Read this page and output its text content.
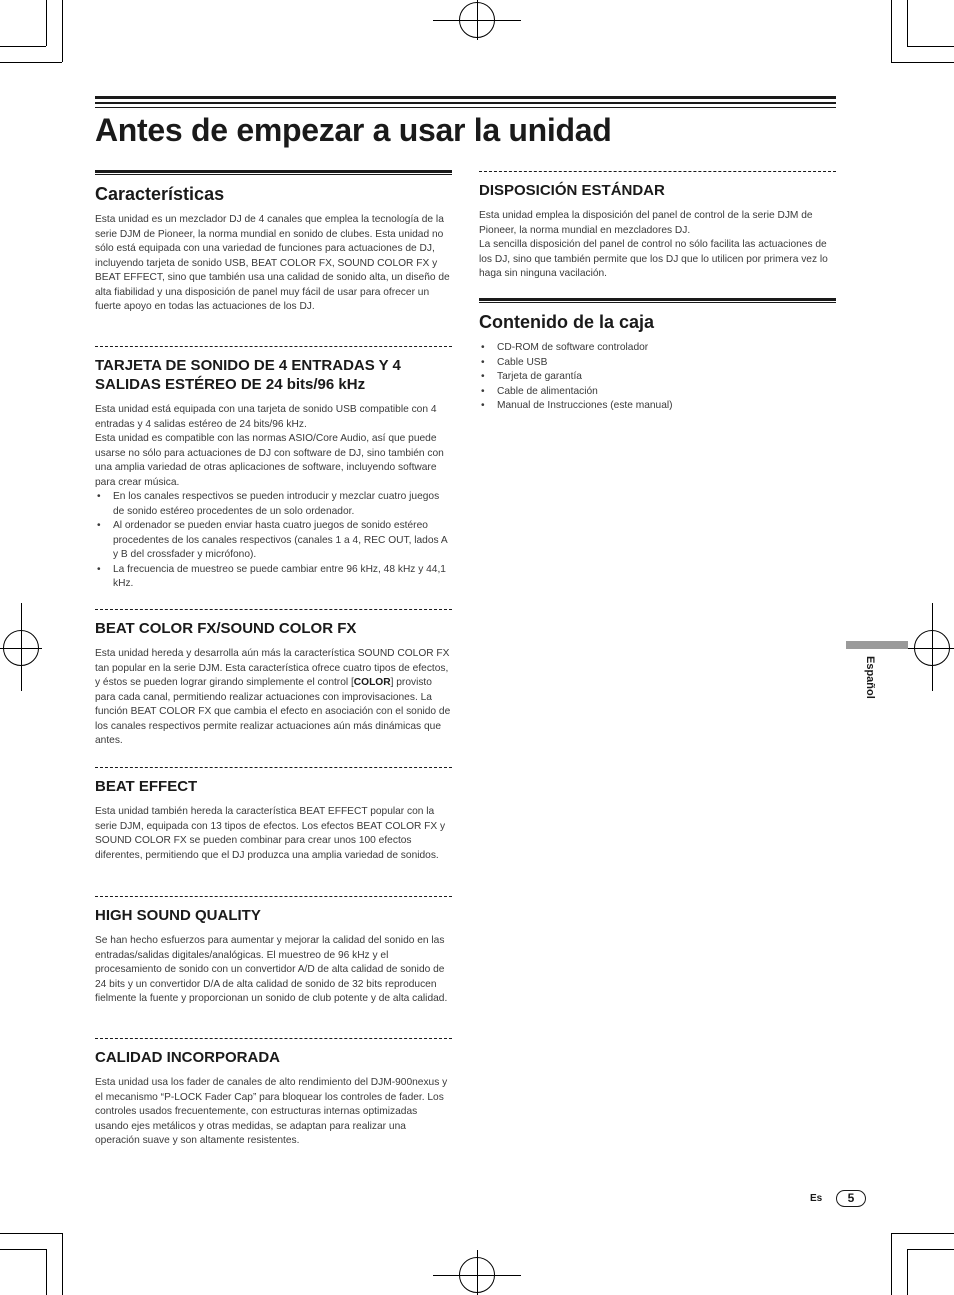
Antes de empezar a usar la unidad
Características

Esta unidad es un mezclador DJ de 4 canales que emplea la tecnología de la serie DJM de Pioneer, la norma mundial en sonido de clubes. Esta unidad no sólo está equipada con una variedad de funciones para actuaciones de DJ, incluyendo tarjeta de sonido USB, BEAT COLOR FX, SOUND COLOR FX y BEAT EFFECT, sino que también usa una calidad de sonido alta, un diseño de alta fiabilidad y una disposición de panel muy fácil de usar para ofrecer un fuerte apoyo en todas las actuaciones de los DJ.

TARJETA DE SONIDO DE 4 ENTRADAS Y 4 SALIDAS ESTÉREO DE 24 bits/96 kHz

Esta unidad está equipada con una tarjeta de sonido USB compatible con 4 entradas y 4 salidas estéreo de 24 bits/96 kHz.

Esta unidad es compatible con las normas ASIO/Core Audio, así que puede usarse no sólo para actuaciones de DJ con software de DJ, sino también con una amplia variedad de otras aplicaciones de software, incluyendo software para crear música.

• En los canales respectivos se pueden introducir y mezclar cuatro juegos de sonido estéreo procedentes de un solo ordenador.
• Al ordenador se pueden enviar hasta cuatro juegos de sonido estéreo procedentes de los canales respectivos (canales 1 a 4, REC OUT, lados A y B del crossfader y micrófono).
• La frecuencia de muestreo se puede cambiar entre 96 kHz, 48 kHz y 44,1 kHz.
BEAT COLOR FX/SOUND COLOR FX

Esta unidad hereda y desarrolla aún más la característica SOUND COLOR FX tan popular en la serie DJM. Esta característica ofrece cuatro tipos de efectos, y éstos se pueden lograr girando simplemente el control [COLOR] provisto para cada canal, permitiendo realizar actuaciones con improvisaciones. La función BEAT COLOR FX que cambia el efecto en asociación con el sonido de los canales respectivos permite realizar actuaciones aún más dinámicas que antes.

BEAT EFFECT

Esta unidad también hereda la característica BEAT EFFECT popular con la serie DJM, equipada con 13 tipos de efectos. Los efectos BEAT COLOR FX y SOUND COLOR FX se pueden combinar para crear unos 100 efectos diferentes, permitiendo que el DJ produzca una amplia variedad de sonidos.

HIGH SOUND QUALITY

Se han hecho esfuerzos para aumentar y mejorar la calidad del sonido en las entradas/salidas digitales/analógicas. El muestreo de 96 kHz y el procesamiento de sonido con un convertidor A/D de alta calidad de sonido de 24 bits y un convertidor D/A de alta calidad de sonido de 32 bits reproducen fielmente la fuente y proporcionan un sonido de club potente y de alta calidad.

CALIDAD INCORPORADA

Esta unidad usa los fader de canales de alto rendimiento del DJM-900nexus y el mecanismo “P-LOCK Fader Cap” para bloquear los controles de fader. Los controles usados frecuentemente, con estructuras internas optimizadas usando ejes metálicos y otras medidas, se adaptan para realizar una operación suave y son altamente resistentes.

DISPOSICIÓN ESTÁNDAR

Esta unidad emplea la disposición del panel de control de la serie DJM de Pioneer, la norma mundial en mezcladores DJ.

La sencilla disposición del panel de control no sólo facilita las actuaciones de los DJ, sino que también permite que los DJ que lo utilicen por primera vez lo haga sin ninguna vacilación.

Contenido de la caja
• CD-ROM de software controlador
• Cable USB
• Tarjeta de garantía
• Cable de alimentación
• Manual de Instrucciones (este manual)
Español
Es	5
